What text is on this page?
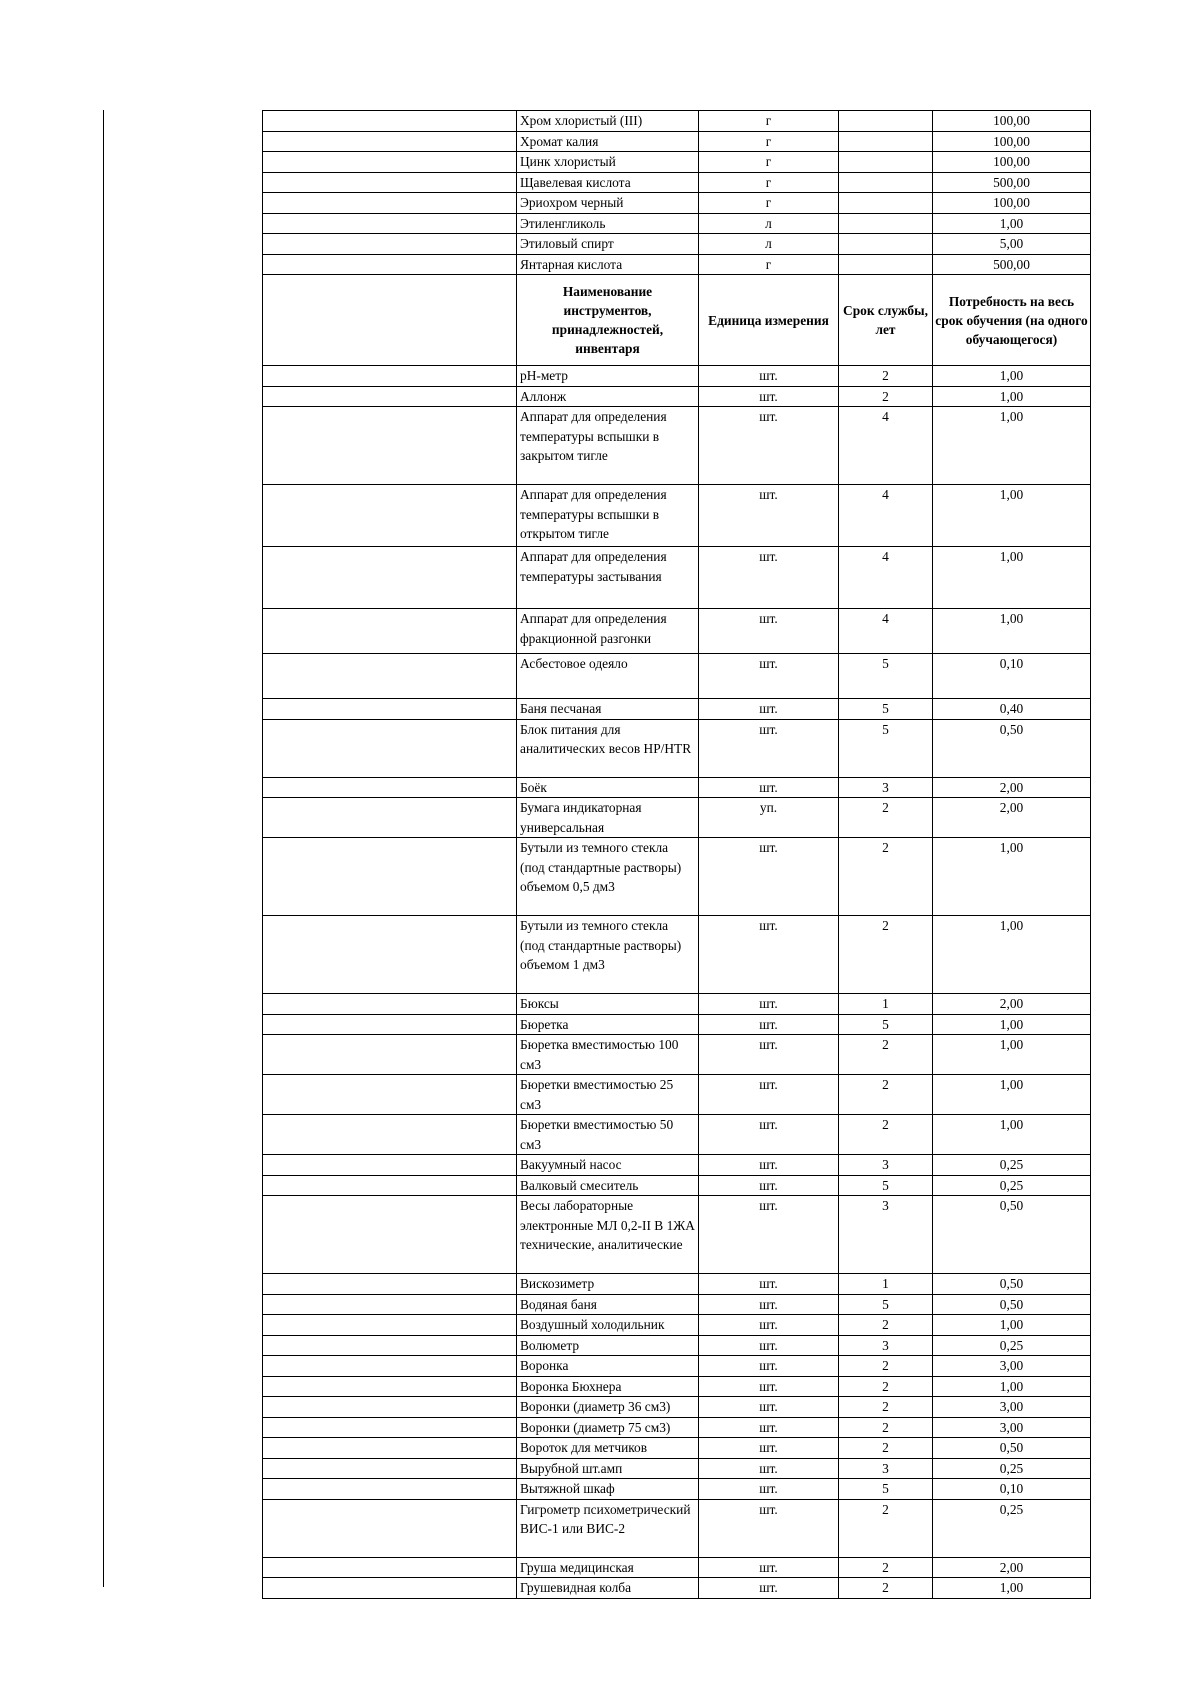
	Хром хлористый (III)	г		100,00
	Хромат калия	г		100,00
	Цинк хлористый	г		100,00
	Щавелевая кислота	г		500,00
	Эриохром черный	г		100,00
	Этиленгликоль	л		1,00
	Этиловый спирт	л		5,00
	Янтарная кислота	г		500,00
	Наименование инструментов, принадлежностей, инвентаря	Единица измерения	Срок службы, лет	Потребность на весь срок обучения (на одного обучающегося)
	pH-метр	шт.	2	1,00
	Аллонж	шт.	2	1,00
	Аппарат для определения температуры вспышки в закрытом тигле	шт.	4	1,00
	Аппарат для определения температуры вспышки в открытом тигле	шт.	4	1,00
	Аппарат для определения температуры застывания	шт.	4	1,00
	Аппарат для определения фракционной разгонки	шт.	4	1,00
	Асбестовое одеяло	шт.	5	0,10
	Баня песчаная	шт.	5	0,40
	Блок питания для аналитических весов HP/HTR	шт.	5	0,50
	Боёк	шт.	3	2,00
	Бумага индикаторная универсальная	уп.	2	2,00
	Бутыли из темного стекла (под стандартные растворы) объемом 0,5 дм3	шт.	2	1,00
	Бутыли из темного стекла (под стандартные растворы) объемом 1 дм3	шт.	2	1,00
	Бюксы	шт.	1	2,00
	Бюретка	шт.	5	1,00
	Бюретка вместимостью 100 см3	шт.	2	1,00
	Бюретки вместимостью 25 см3	шт.	2	1,00
	Бюретки вместимостью 50 см3	шт.	2	1,00
	Вакуумный насос	шт.	3	0,25
	Валковый смеситель	шт.	5	0,25
	Весы лабораторные электронные МЛ 0,2-II В 1ЖА технические, аналитические	шт.	3	0,50
	Вискозиметр	шт.	1	0,50
	Водяная баня	шт.	5	0,50
	Воздушный холодильник	шт.	2	1,00
	Волюметр	шт.	3	0,25
	Воронка	шт.	2	3,00
	Воронка Бюхнера	шт.	2	1,00
	Воронки (диаметр 36 см3)	шт.	2	3,00
	Воронки (диаметр 75 см3)	шт.	2	3,00
	Вороток для метчиков	шт.	2	0,50
	Вырубной шт.амп	шт.	3	0,25
	Вытяжной шкаф	шт.	5	0,10
	Гигрометр психометрический ВИС-1 или ВИС-2	шт.	2	0,25
	Груша медицинская	шт.	2	2,00
	Грушевидная колба	шт.	2	1,00
